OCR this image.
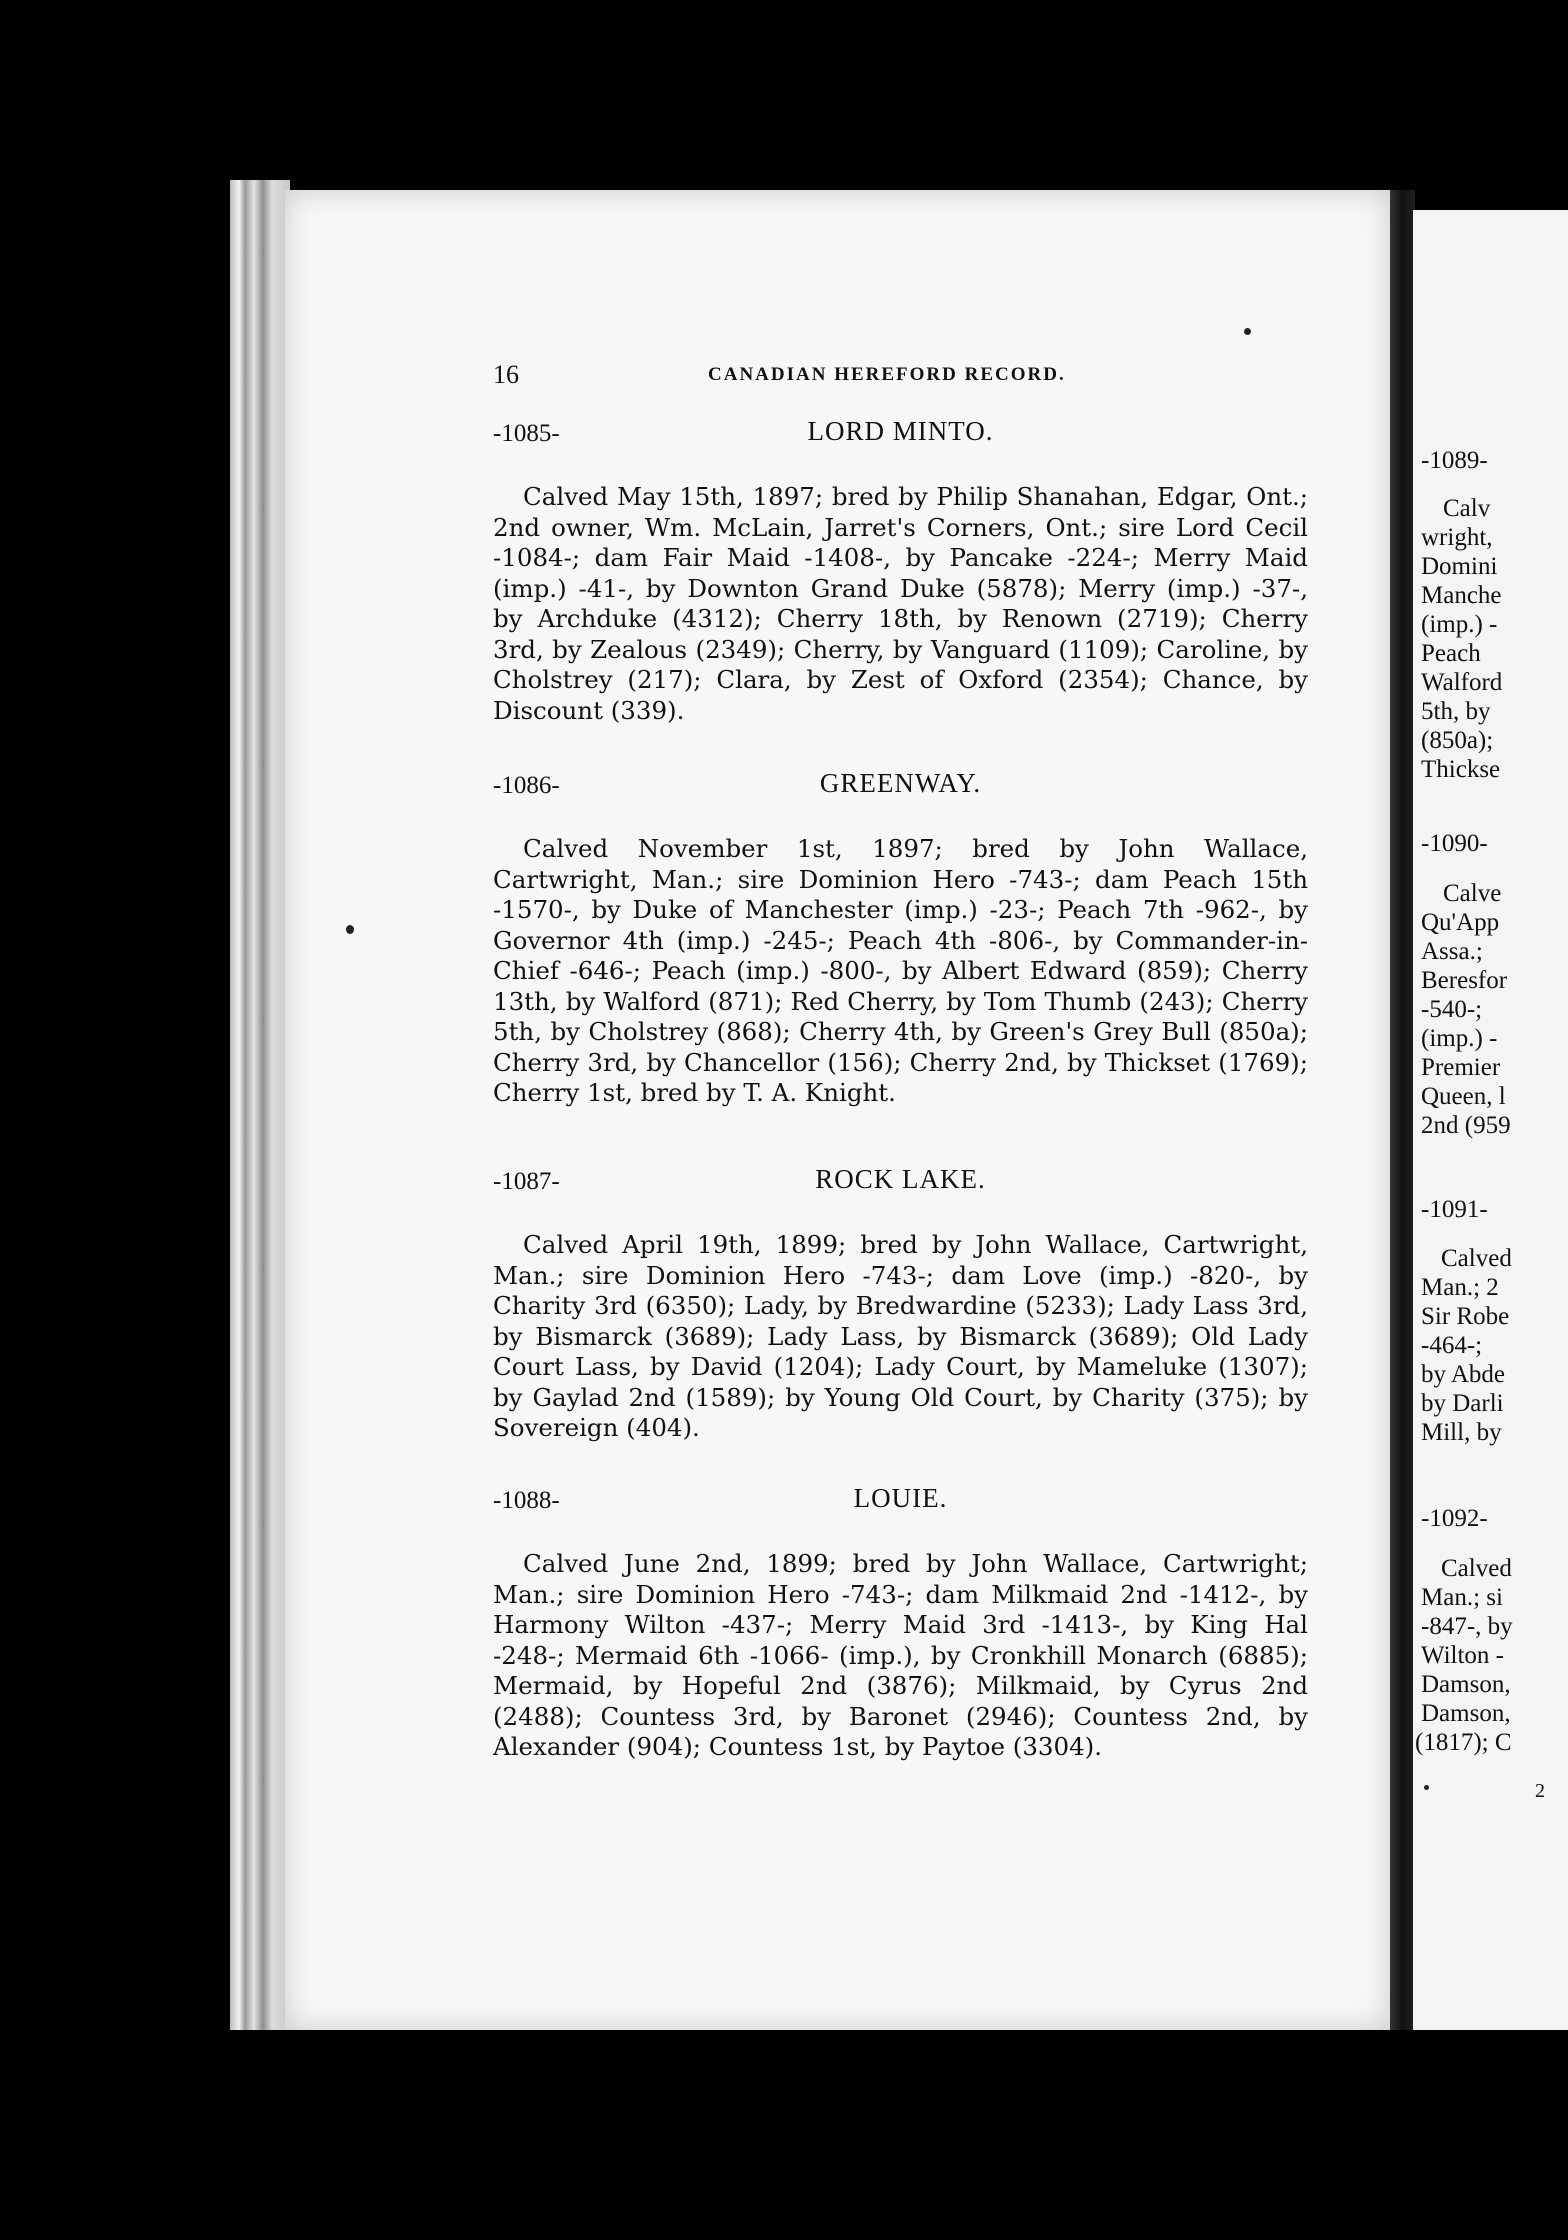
-1089-
Calv
wright,
Domini
Manche
(imp.) -
Peach
Walford
5th, by
(850a);
Thickse
-1090-
Calve
Qu'App
Assa.;
Beresfor
-540-;
(imp.) -
Premier
Queen, l
2nd (959
-1091-
Calved
Man.; 2
Sir Robe
-464-;
by Abde
by Darli
Mill, by
-1092-
Calved
Man.; si
-847-, by
Wilton -
Damson,
Damson,
(1817); C
2
16	CANADIAN HEREFORD RECORD.
-1085-	LORD MINTO.

Calved May 15th, 1897; bred by Philip Shanahan, Edgar, Ont.; 2nd owner, Wm. McLain, Jarret's Corners, Ont.; sire Lord Cecil -1084-; dam Fair Maid -1408-, by Pancake -224-; Merry Maid (imp.) -41-, by Downton Grand Duke (5878); Merry (imp.) -37-, by Archduke (4312); Cherry 18th, by Renown (2719); Cherry 3rd, by Zealous (2349); Cherry, by Vanguard (1109); Caroline, by Cholstrey (217); Clara, by Zest of Oxford (2354); Chance, by Discount (339).

-1086-	GREENWAY.

Calved November 1st, 1897; bred by John Wallace, Cartwright, Man.; sire Dominion Hero -743-; dam Peach 15th -1570-, by Duke of Manchester (imp.) -23-; Peach 7th -962-, by Governor 4th (imp.) -245-; Peach 4th -806-, by Commander-in-Chief -646-; Peach (imp.) -800-, by Albert Edward (859); Cherry 13th, by Walford (871); Red Cherry, by Tom Thumb (243); Cherry 5th, by Cholstrey (868); Cherry 4th, by Green's Grey Bull (850a); Cherry 3rd, by Chancellor (156); Cherry 2nd, by Thickset (1769); Cherry 1st, bred by T. A. Knight.

-1087-	ROCK LAKE.

Calved April 19th, 1899; bred by John Wallace, Cartwright, Man.; sire Dominion Hero -743-; dam Love (imp.) -820-, by Charity 3rd (6350); Lady, by Bredwardine (5233); Lady Lass 3rd, by Bismarck (3689); Lady Lass, by Bismarck (3689); Old Lady Court Lass, by David (1204); Lady Court, by Mameluke (1307); by Gaylad 2nd (1589); by Young Old Court, by Charity (375); by Sovereign (404).

-1088-	LOUIE.

Calved June 2nd, 1899; bred by John Wallace, Cartwright; Man.; sire Dominion Hero -743-; dam Milkmaid 2nd -1412-, by Harmony Wilton -437-; Merry Maid 3rd -1413-, by King Hal -248-; Mermaid 6th -1066- (imp.), by Cronkhill Monarch (6885); Mermaid, by Hopeful 2nd (3876); Milkmaid, by Cyrus 2nd (2488); Countess 3rd, by Baronet (2946); Countess 2nd, by Alexander (904); Countess 1st, by Paytoe (3304).
